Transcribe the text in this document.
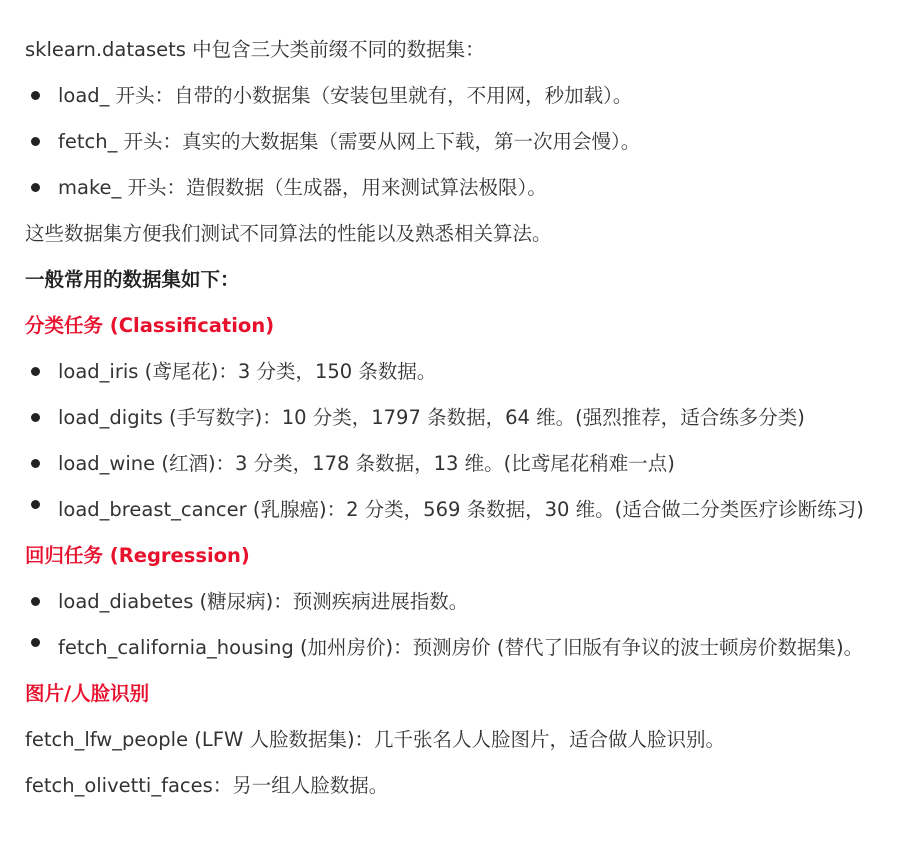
sklearn.datasets 中包含三大类前缀不同的数据集：

load_ 开头：自带的小数据集（安装包里就有，不用网，秒加载）。
fetch_ 开头：真实的大数据集（需要从网上下载，第一次用会慢）。
make_ 开头：造假数据（生成器，用来测试算法极限）。

这些数据集方便我们测试不同算法的性能以及熟悉相关算法。

一般常用的数据集如下：

分类任务 (Classification)

load_iris (鸢尾花)：3 分类，150 条数据。
load_digits (手写数字)：10 分类，1797 条数据，64 维。(强烈推荐，适合练多分类)
load_wine (红酒)：3 分类，178 条数据，13 维。(比鸢尾花稍难一点)
load_breast_cancer (乳腺癌)：2 分类，569 条数据，30 维。(适合做二分类医疗诊断练习)

回归任务 (Regression)

load_diabetes (糖尿病)：预测疾病进展指数。
fetch_california_housing (加州房价)：预测房价 (替代了旧版有争议的波士顿房价数据集)。

图片/人脸识别

fetch_lfw_people (LFW 人脸数据集)：几千张名人人脸图片，适合做人脸识别。

fetch_olivetti_faces：另一组人脸数据。
